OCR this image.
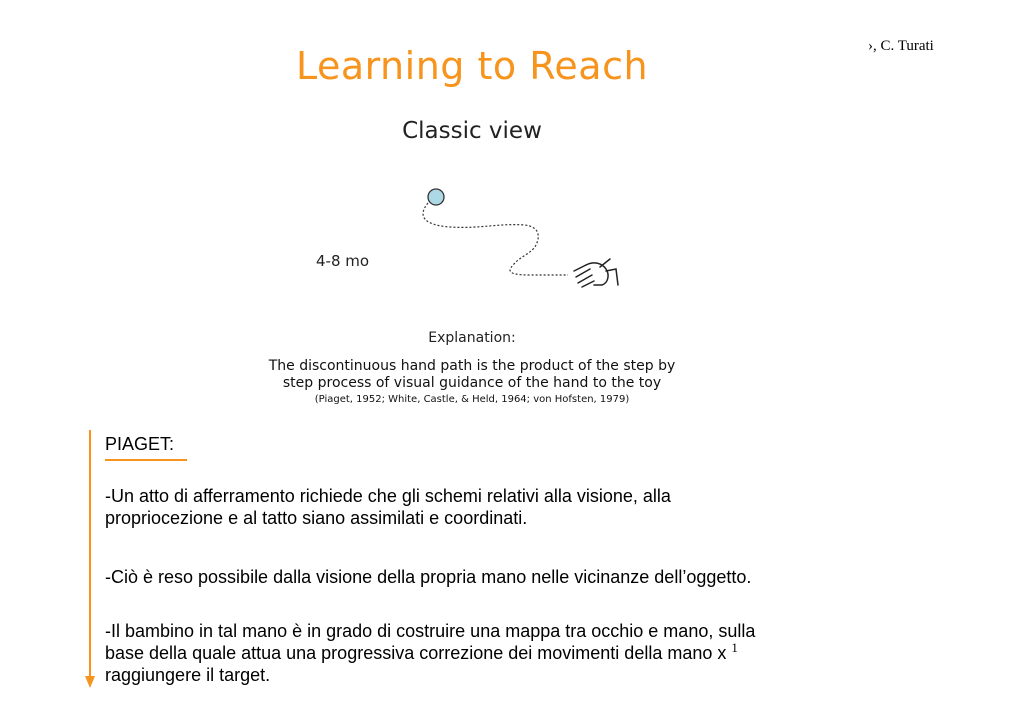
›, C. Turati
Learning to Reach
Classic view
4-8 mo
Explanation:
The discontinuous hand path is the product of the step by
step process of visual guidance of the hand to the toy
(Piaget, 1952; White, Castle, & Held, 1964; von Hofsten, 1979)
PIAGET:
-Un atto di afferramento richiede che gli schemi relativi alla visione, alla
propriocezione e al tatto siano assimilati e coordinati.
-Ciò è reso possibile dalla visione della propria mano nelle vicinanze dell’oggetto.
-Il bambino in tal mano è in grado di costruire una mappa tra occhio e mano, sulla
base della quale attua una progressiva correzione dei movimenti della mano x $^1$
raggiungere il target.
